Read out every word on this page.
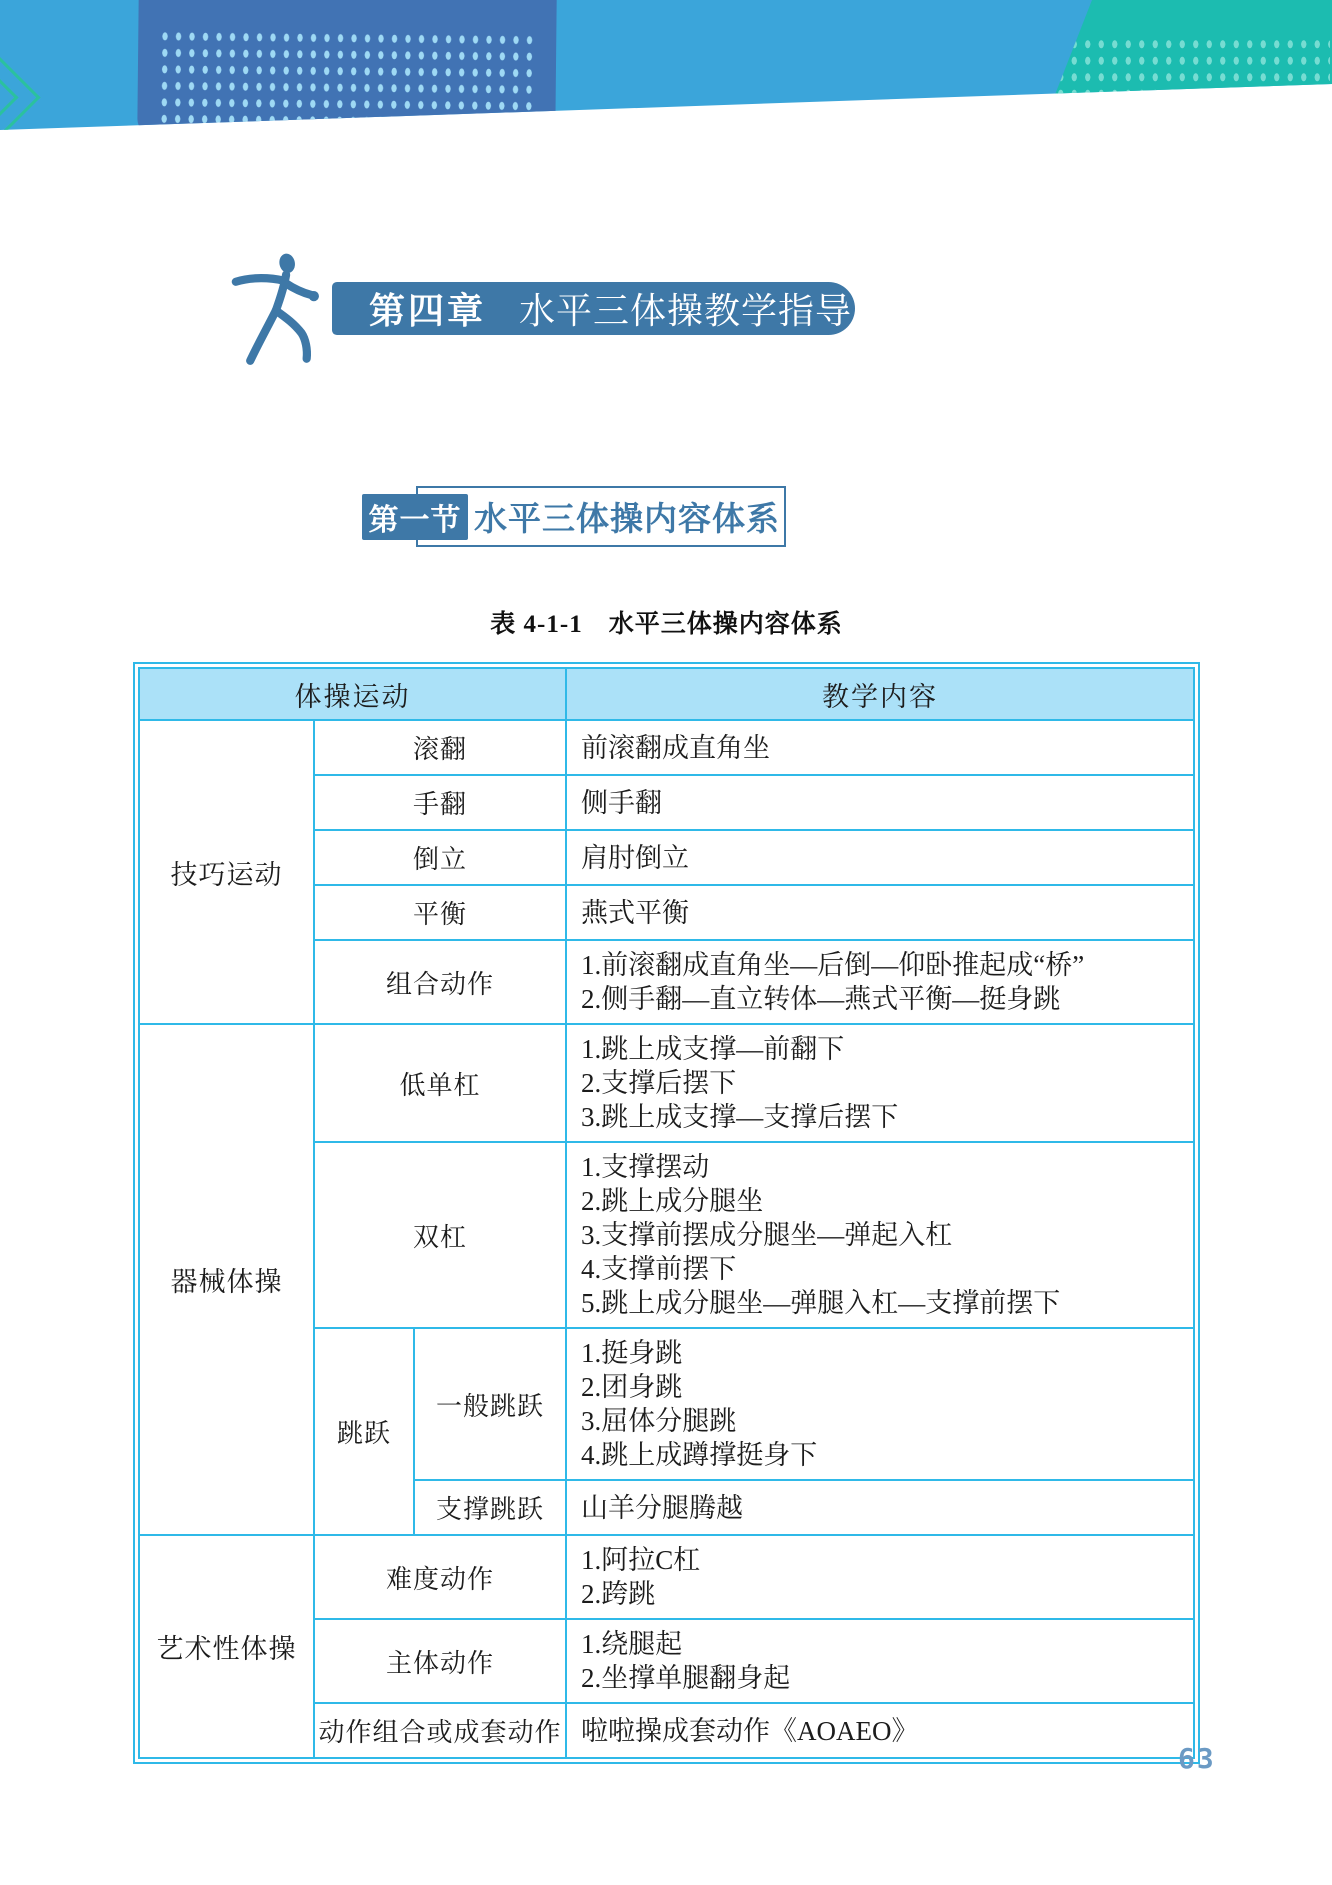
第四章 水平三体操教学指导
水平三体操内容体系
第一节
表 4-1-1　水平三体操内容体系
体操运动			教学内容
技巧运动	滚翻		前滚翻成直角坐

	手翻		侧手翻

	倒立		肩肘倒立

	平衡		燕式平衡

	组合动作		1.前滚翻成直角坐—后倒—仰卧推起成“桥”
2.侧手翻—直立转体—燕式平衡—挺身跳

器械体操	低单杠		1.跳上成支撑—前翻下
2.支撑后摆下
3.跳上成支撑—支撑后摆下

	双杠		1.支撑摆动
2.跳上成分腿坐
3.支撑前摆成分腿坐—弹起入杠
4.支撑前摆下
5.跳上成分腿坐—弹腿入杠—支撑前摆下

	跳跃	一般跳跃	1.挺身跳
2.团身跳
3.屈体分腿跳
4.跳上成蹲撑挺身下

		支撑跳跃	山羊分腿腾越

艺术性体操	难度动作		1.阿拉C杠
2.跨跳

	主体动作		1.绕腿起
2.坐撑单腿翻身起

	动作组合或成套动作		啦啦操成套动作《AOAEO》
63
